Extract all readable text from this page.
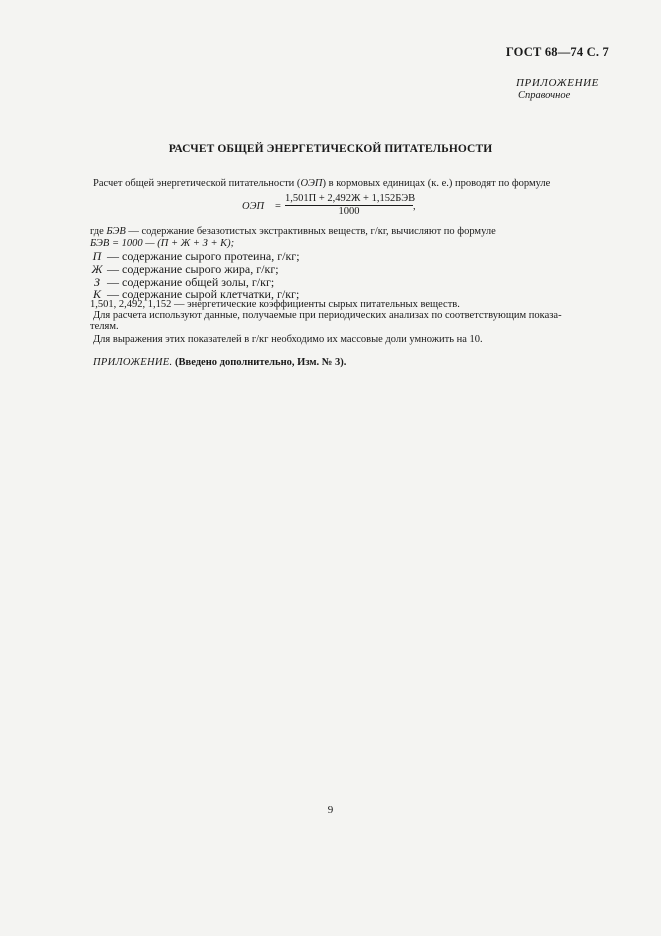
ГОСТ 68—74 С. 7
ПРИЛОЖЕНИЕ
Справочное
РАСЧЕТ ОБЩЕЙ ЭНЕРГЕТИЧЕСКОЙ ПИТАТЕЛЬНОСТИ
Расчет общей энергетической питательности (ОЭП) в кормовых единицах (к. е.) проводят по формуле
ОЭП =
1,501П + 2,492Ж + 1,152БЭВ
1000	,
где БЭВ — содержание безазотистых экстрактивных веществ, г/кг, вычисляют по формуле
БЭВ = 1000 — (П + Ж + З + К);
П — содержание сырого протеина, г/кг;
Ж — содержание сырого жира, г/кг;
З — содержание общей золы, г/кг;
К — содержание сырой клетчатки, г/кг;
1,501, 2,492, 1,152 — энергетические коэффициенты сырых питательных веществ.
Для расчета используют данные, получаемые при периодических анализах по соответствующим показа-
телям.
Для выражения этих показателей в г/кг необходимо их массовые доли умножить на 10.
ПРИЛОЖЕНИЕ. (Введено дополнительно, Изм. № 3).
9
